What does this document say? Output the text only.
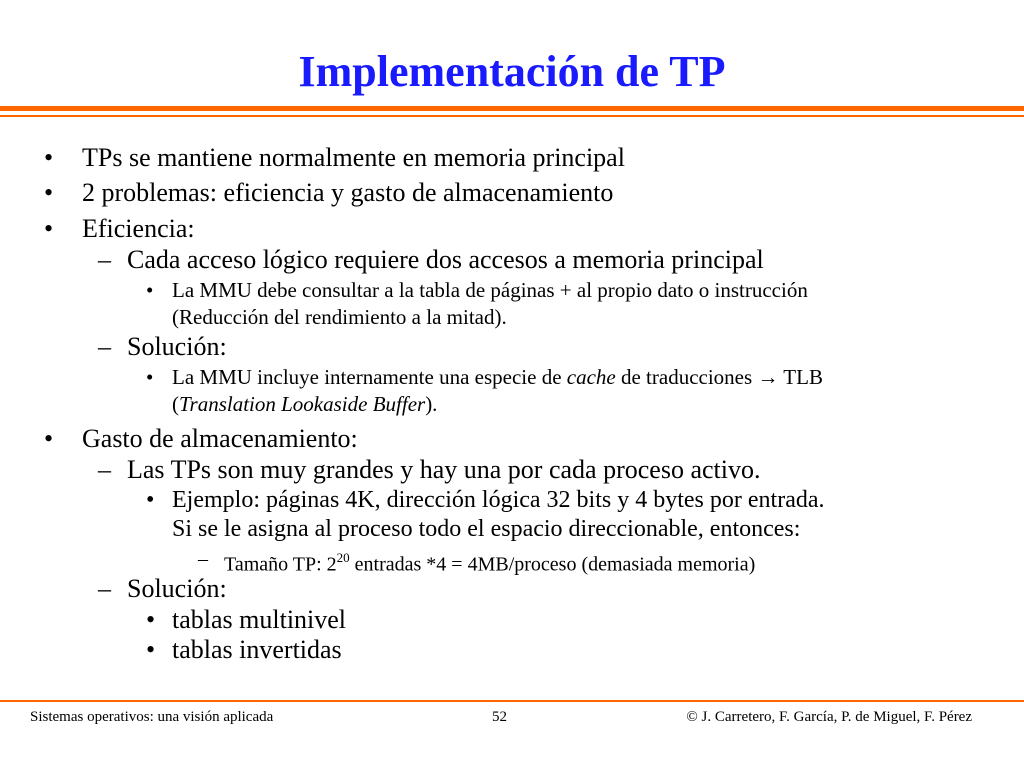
Implementación de TP
• TPs se mantiene normalmente en memoria principal
• 2 problemas: eficiencia y gasto de almacenamiento
• Eficiencia:
– Cada acceso lógico requiere dos accesos a memoria principal
• La MMU debe consultar a la tabla de páginas + al propio dato o instrucción
(Reducción del rendimiento a la mitad).
– Solución:
• La MMU incluye internamente una especie de cache de traducciones → TLB
(Translation Lookaside Buffer).
• Gasto de almacenamiento:
– Las TPs son muy grandes y hay una por cada proceso activo.
• Ejemplo: páginas 4K, dirección lógica 32 bits y 4 bytes por entrada.
Si se le asigna al proceso todo el espacio direccionable, entonces:
– Tamaño TP: $2^{20}$ entradas *4 = 4MB/proceso (demasiada memoria)
– Solución:
• tablas multinivel
• tablas invertidas
Sistemas operativos: una visión aplicada	52	© J. Carretero, F. García, P. de Miguel, F. Pérez
